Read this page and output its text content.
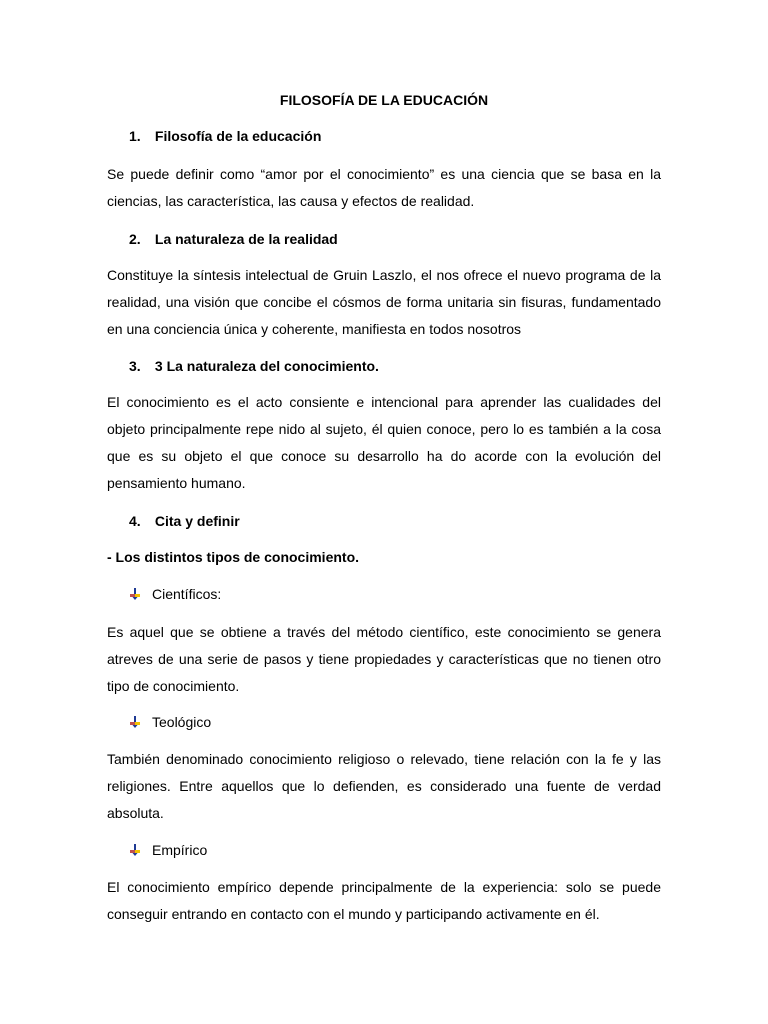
FILOSOFÍA DE LA EDUCACIÓN
1. Filosofía de la educación
Se puede definir como “amor por el conocimiento” es una ciencia que se basa en la ciencias, las característica, las causa y efectos de realidad.
2. La naturaleza de la realidad
Constituye la síntesis intelectual de Gruin Laszlo, el nos ofrece el nuevo programa de la realidad, una visión que concibe el cósmos de forma unitaria sin fisuras, fundamentado en una conciencia única y coherente, manifiesta en todos nosotros
3. 3 La naturaleza del conocimiento.
El conocimiento es el acto consiente e intencional para aprender las cualidades del objeto principalmente repe nido al sujeto, él quien conoce, pero lo es también a la cosa que es su objeto el que conoce su desarrollo ha do acorde con la evolución del pensamiento humano.
4. Cita y definir
- Los distintos tipos de conocimiento.
Científicos:
Es aquel que se obtiene a través del método científico, este conocimiento se genera atreves de una serie de pasos y tiene propiedades y características que no tienen otro tipo de conocimiento.
Teológico
También denominado conocimiento religioso o relevado, tiene relación con la fe y las religiones. Entre aquellos que lo defienden, es considerado una fuente de verdad absoluta.
Empírico
El conocimiento empírico depende principalmente de la experiencia: solo se puede conseguir entrando en contacto con el mundo y participando activamente en él.
